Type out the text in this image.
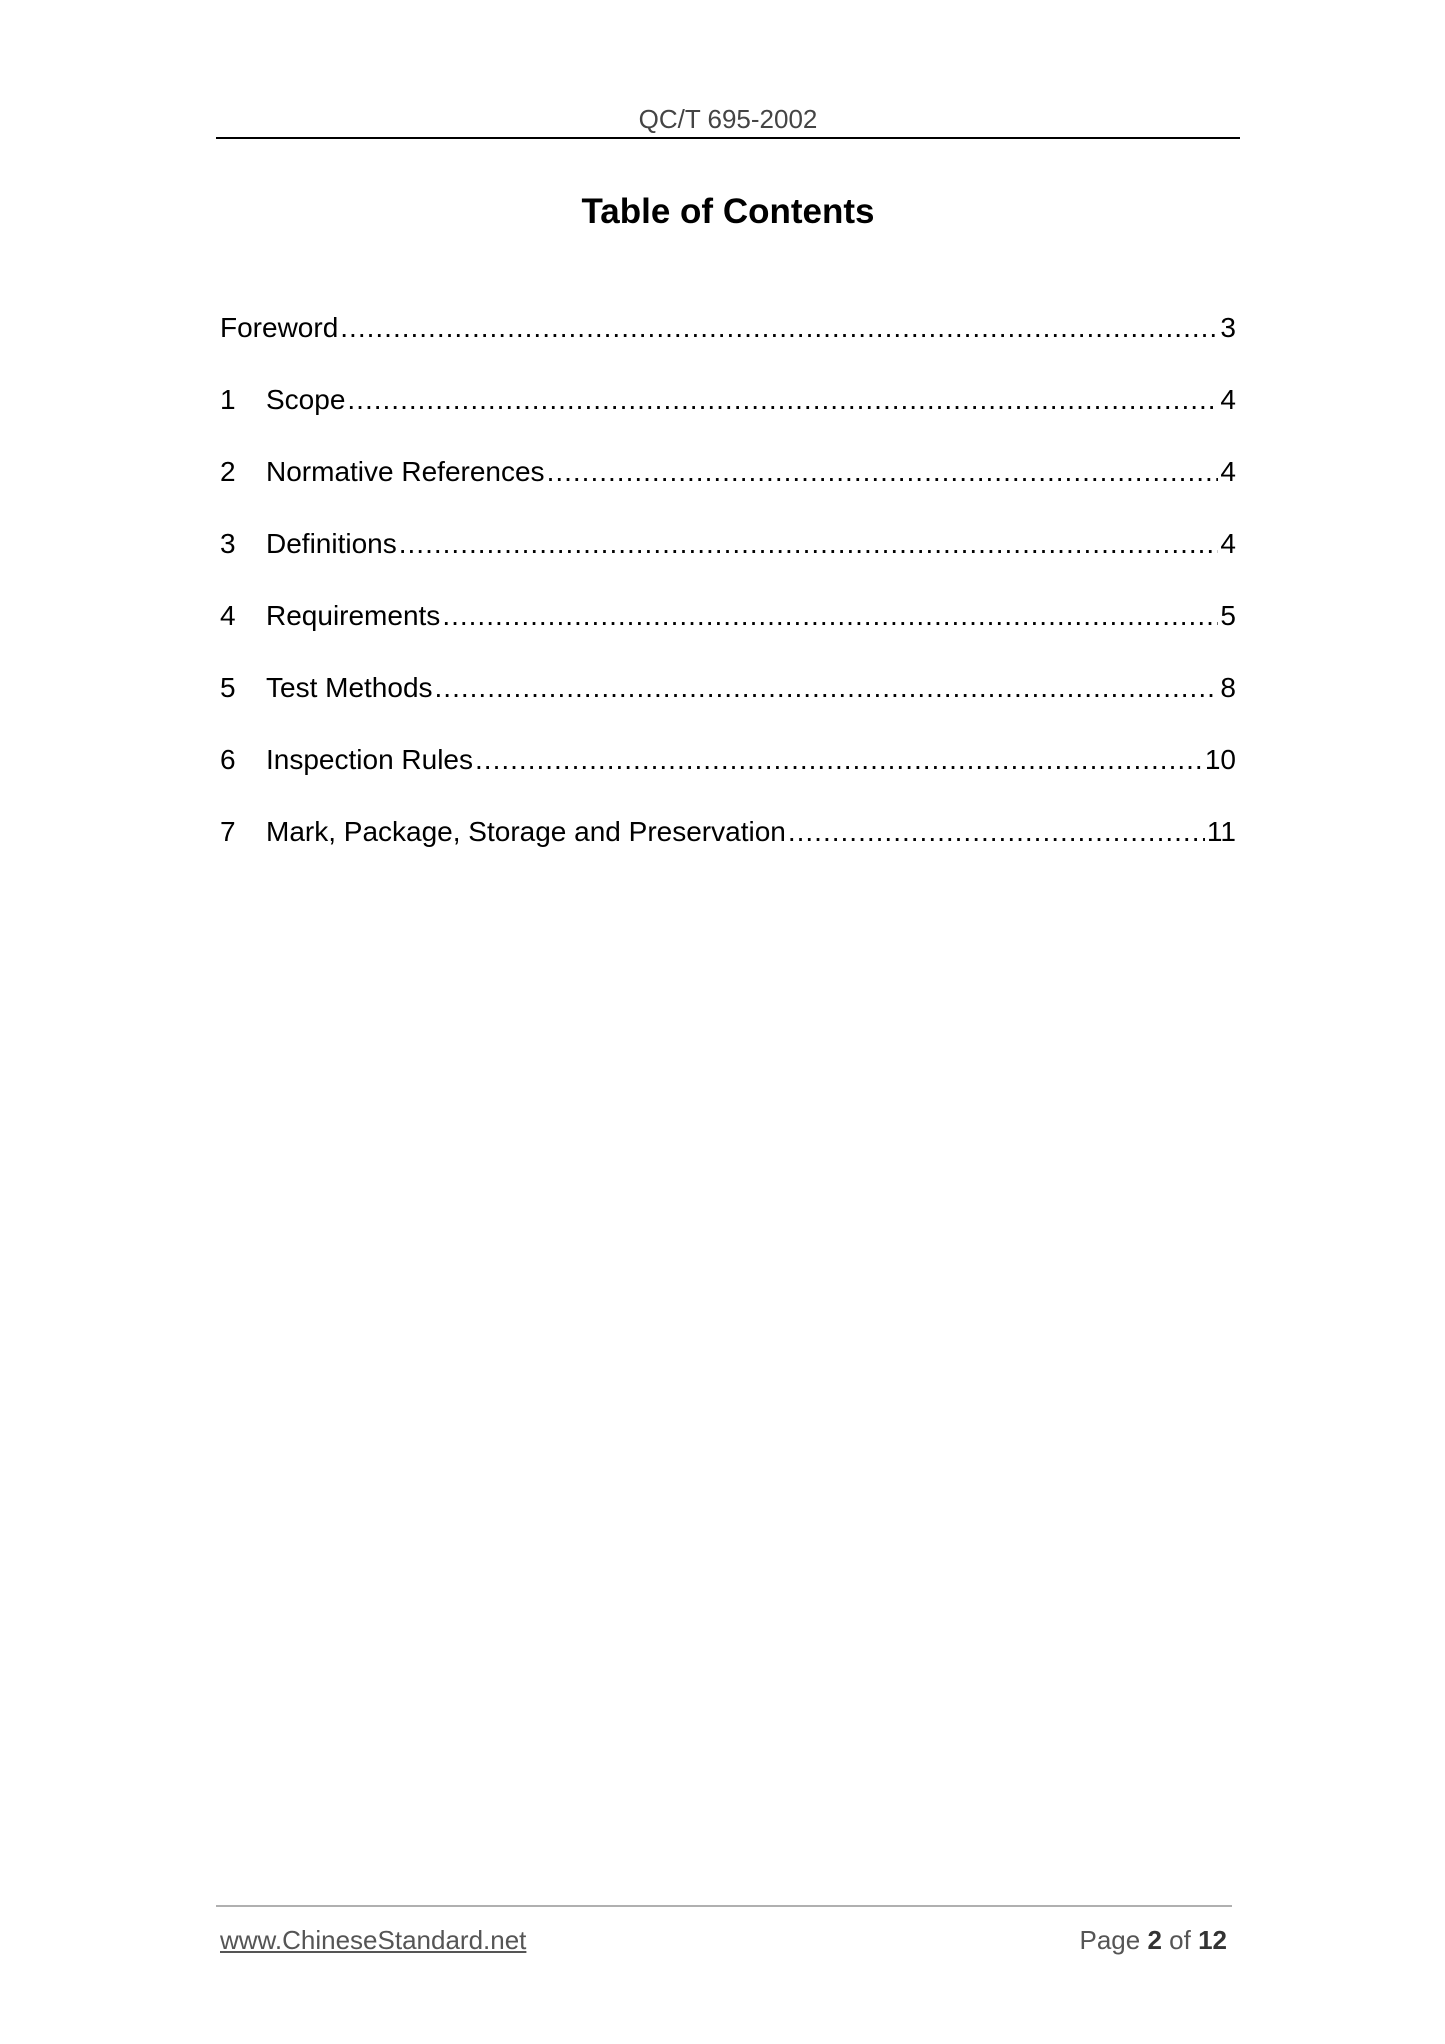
QC/T 695-2002
Table of Contents
Foreword .....	3
1	Scope .....	4
2	Normative References .....	4
3	Definitions .....	4
4	Requirements .....	5
5	Test Methods .....	8
6	Inspection Rules .....	10
7	Mark, Package, Storage and Preservation .....	11
www.ChineseStandard.net	Page 2 of 12
